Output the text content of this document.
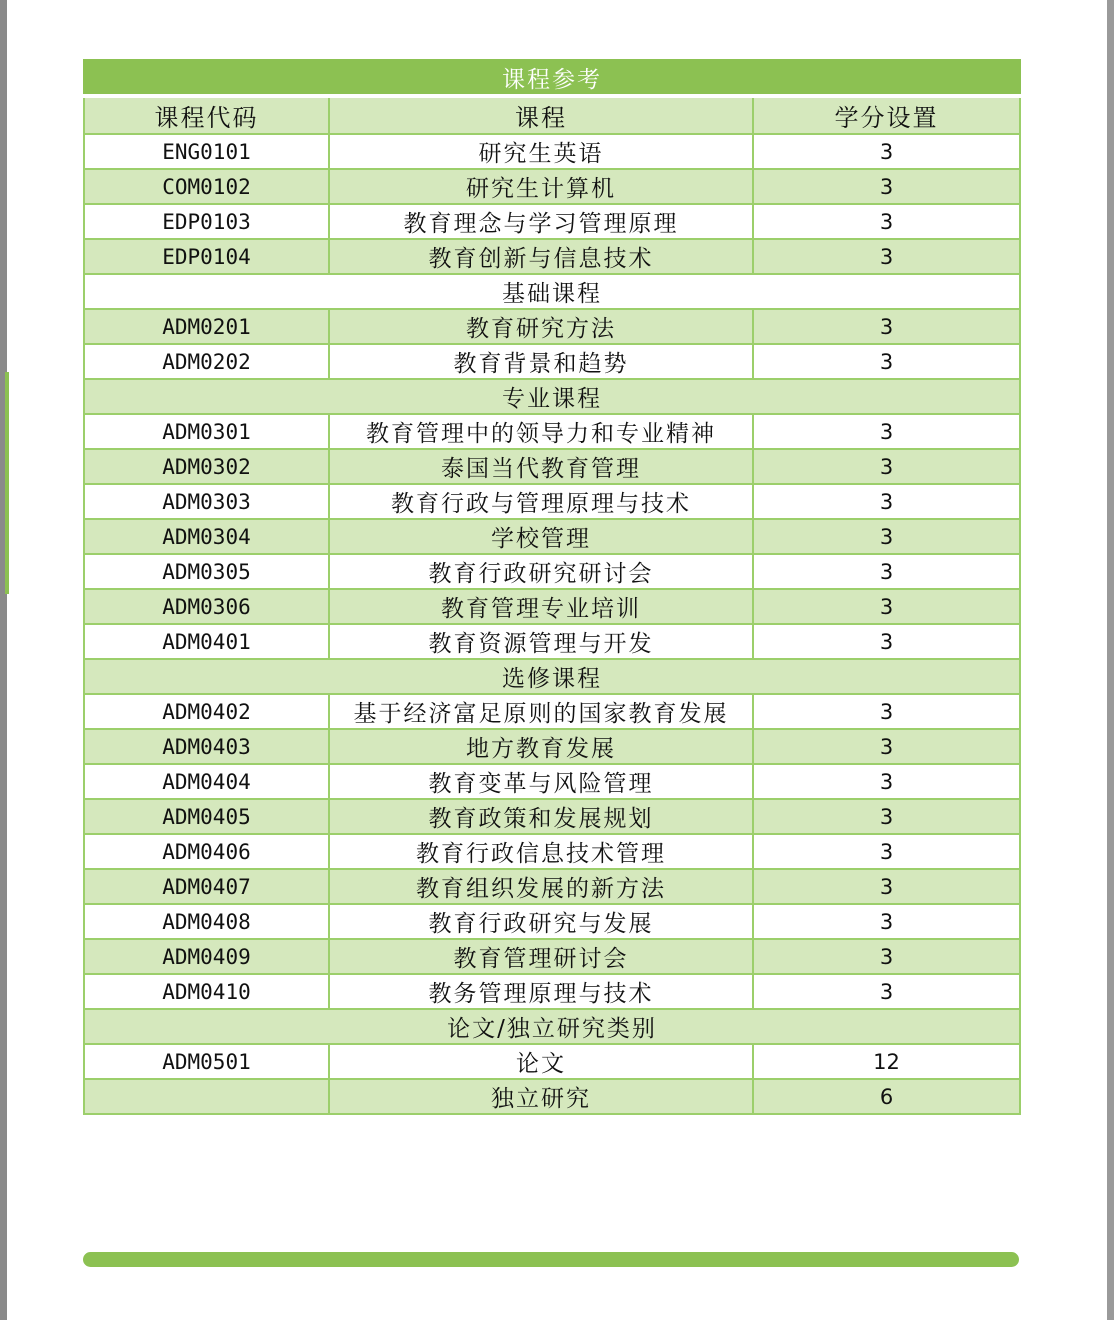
课程参考		
课程代码	课程	学分设置
ENG0101	研究生英语	3
COM0102	研究生计算机	3
EDP0103	教育理念与学习管理原理	3
EDP0104	教育创新与信息技术	3
基础课程		
ADM0201	教育研究方法	3
ADM0202	教育背景和趋势	3
专业课程		
ADM0301	教育管理中的领导力和专业精神	3
ADM0302	泰国当代教育管理	3
ADM0303	教育行政与管理原理与技术	3
ADM0304	学校管理	3
ADM0305	教育行政研究研讨会	3
ADM0306	教育管理专业培训	3
ADM0401	教育资源管理与开发	3
选修课程		
ADM0402	基于经济富足原则的国家教育发展	3
ADM0403	地方教育发展	3
ADM0404	教育变革与风险管理	3
ADM0405	教育政策和发展规划	3
ADM0406	教育行政信息技术管理	3
ADM0407	教育组织发展的新方法	3
ADM0408	教育行政研究与发展	3
ADM0409	教育管理研讨会	3
ADM0410	教务管理原理与技术	3
论文/独立研究类别		
ADM0501	论文	12
	独立研究	6
